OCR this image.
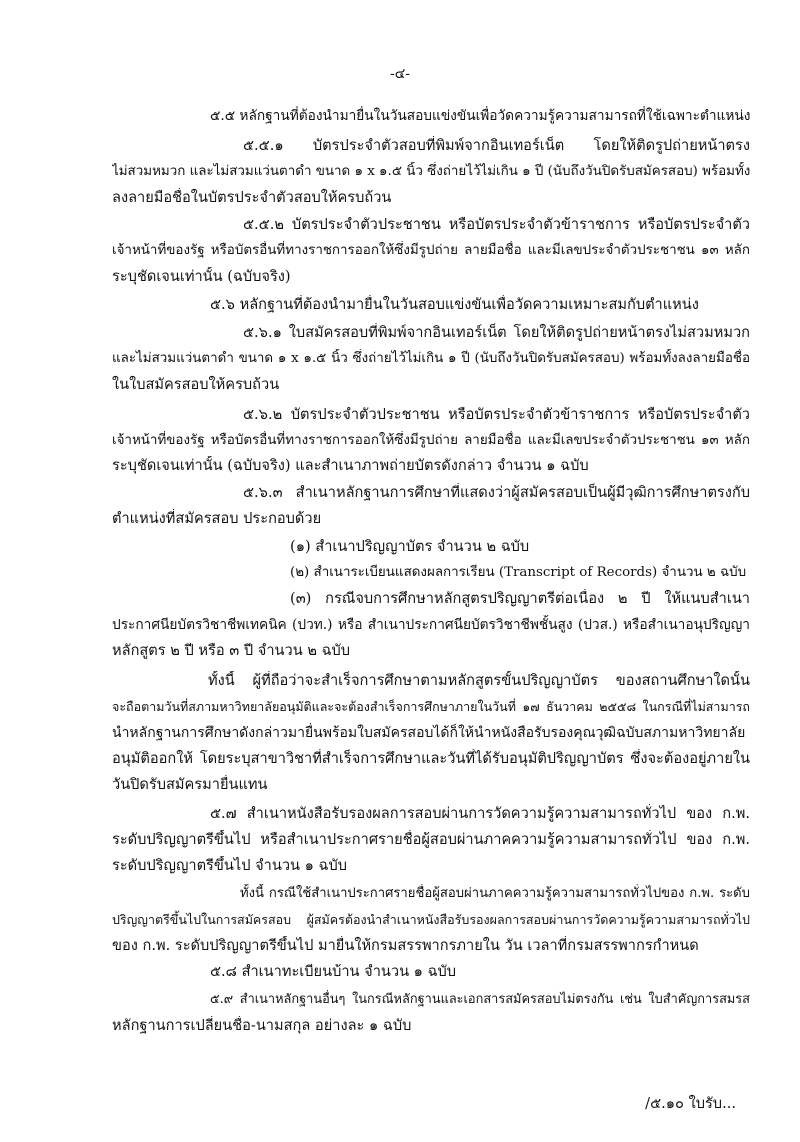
-๔-
๕.๕ หลักฐานที่ต้องนำมายื่นในวันสอบแข่งขันเพื่อวัดความรู้ความสามารถที่ใช้เฉพาะตำแหน่ง
๕.๕.๑ บัตรประจำตัวสอบที่พิมพ์จากอินเทอร์เน็ต โดยให้ติดรูปถ่ายหน้าตรง
ไม่สวมหมวก และไม่สวมแว่นตาดำ ขนาด ๑ x ๑.๕ นิ้ว ซึ่งถ่ายไว้ไม่เกิน ๑ ปี (นับถึงวันปิดรับสมัครสอบ) พร้อมทั้ง
ลงลายมือชื่อในบัตรประจำตัวสอบให้ครบถ้วน
๕.๕.๒ บัตรประจำตัวประชาชน หรือบัตรประจำตัวข้าราชการ หรือบัตรประจำตัว
เจ้าหน้าที่ของรัฐ หรือบัตรอื่นที่ทางราชการออกให้ซึ่งมีรูปถ่าย ลายมือชื่อ และมีเลขประจำตัวประชาชน ๑๓ หลัก
ระบุชัดเจนเท่านั้น (ฉบับจริง)
๕.๖ หลักฐานที่ต้องนำมายื่นในวันสอบแข่งขันเพื่อวัดความเหมาะสมกับตำแหน่ง
๕.๖.๑ ใบสมัครสอบที่พิมพ์จากอินเทอร์เน็ต โดยให้ติดรูปถ่ายหน้าตรงไม่สวมหมวก
และไม่สวมแว่นตาดำ ขนาด ๑ x ๑.๕ นิ้ว ซึ่งถ่ายไว้ไม่เกิน ๑ ปี (นับถึงวันปิดรับสมัครสอบ) พร้อมทั้งลงลายมือชื่อ
ในใบสมัครสอบให้ครบถ้วน
๕.๖.๒ บัตรประจำตัวประชาชน หรือบัตรประจำตัวข้าราชการ หรือบัตรประจำตัว
เจ้าหน้าที่ของรัฐ หรือบัตรอื่นที่ทางราชการออกให้ซึ่งมีรูปถ่าย ลายมือชื่อ และมีเลขประจำตัวประชาชน ๑๓ หลัก
ระบุชัดเจนเท่านั้น (ฉบับจริง) และสำเนาภาพถ่ายบัตรดังกล่าว จำนวน ๑ ฉบับ
๕.๖.๓ สำเนาหลักฐานการศึกษาที่แสดงว่าผู้สมัครสอบเป็นผู้มีวุฒิการศึกษาตรงกับ
ตำแหน่งที่สมัครสอบ ประกอบด้วย
(๑) สำเนาปริญญาบัตร จำนวน ๒ ฉบับ
(๒) สำเนาระเบียนแสดงผลการเรียน (Transcript of Records) จำนวน ๒ ฉบับ
(๓) กรณีจบการศึกษาหลักสูตรปริญญาตรีต่อเนื่อง ๒ ปี ให้แนบสำเนา
ประกาศนียบัตรวิชาชีพเทคนิค (ปวท.) หรือ สำเนาประกาศนียบัตรวิชาชีพชั้นสูง (ปวส.) หรือสำเนาอนุปริญญา
หลักสูตร ๒ ปี หรือ ๓ ปี จำนวน ๒ ฉบับ
ทั้งนี้ ผู้ที่ถือว่าจะสำเร็จการศึกษาตามหลักสูตรขั้นปริญญาบัตร ของสถานศึกษาใดนั้น
จะถือตามวันที่สภามหาวิทยาลัยอนุมัติและจะต้องสำเร็จการศึกษาภายในวันที่ ๑๗ ธันวาคม ๒๕๕๘ ในกรณีที่ไม่สามารถ
นำหลักฐานการศึกษาดังกล่าวมายื่นพร้อมใบสมัครสอบได้ก็ให้นำหนังสือรับรองคุณวุฒิฉบับสภามหาวิทยาลัย
อนุมัติออกให้ โดยระบุสาขาวิชาที่สำเร็จการศึกษาและวันที่ได้รับอนุมัติปริญญาบัตร ซึ่งจะต้องอยู่ภายใน
วันปิดรับสมัครมายื่นแทน
๕.๗ สำเนาหนังสือรับรองผลการสอบผ่านการวัดความรู้ความสามารถทั่วไป ของ ก.พ.
ระดับปริญญาตรีขึ้นไป หรือสำเนาประกาศรายชื่อผู้สอบผ่านภาคความรู้ความสามารถทั่วไป ของ ก.พ.
ระดับปริญญาตรีขึ้นไป จำนวน ๑ ฉบับ
ทั้งนี้ กรณีใช้สำเนาประกาศรายชื่อผู้สอบผ่านภาคความรู้ความสามารถทั่วไปของ ก.พ. ระดับ
ปริญญาตรีขึ้นไปในการสมัครสอบ ผู้สมัครต้องนำสำเนาหนังสือรับรองผลการสอบผ่านการวัดความรู้ความสามารถทั่วไป
ของ ก.พ. ระดับปริญญาตรีขึ้นไป มายื่นให้กรมสรรพากรภายใน วัน เวลาที่กรมสรรพากรกำหนด
๕.๘ สำเนาทะเบียนบ้าน จำนวน ๑ ฉบับ
๕.๙ สำเนาหลักฐานอื่นๆ ในกรณีหลักฐานและเอกสารสมัครสอบไม่ตรงกัน เช่น ใบสำคัญการสมรส
หลักฐานการเปลี่ยนชื่อ-นามสกุล อย่างละ ๑ ฉบับ
/๕.๑๐ ใบรับ...
